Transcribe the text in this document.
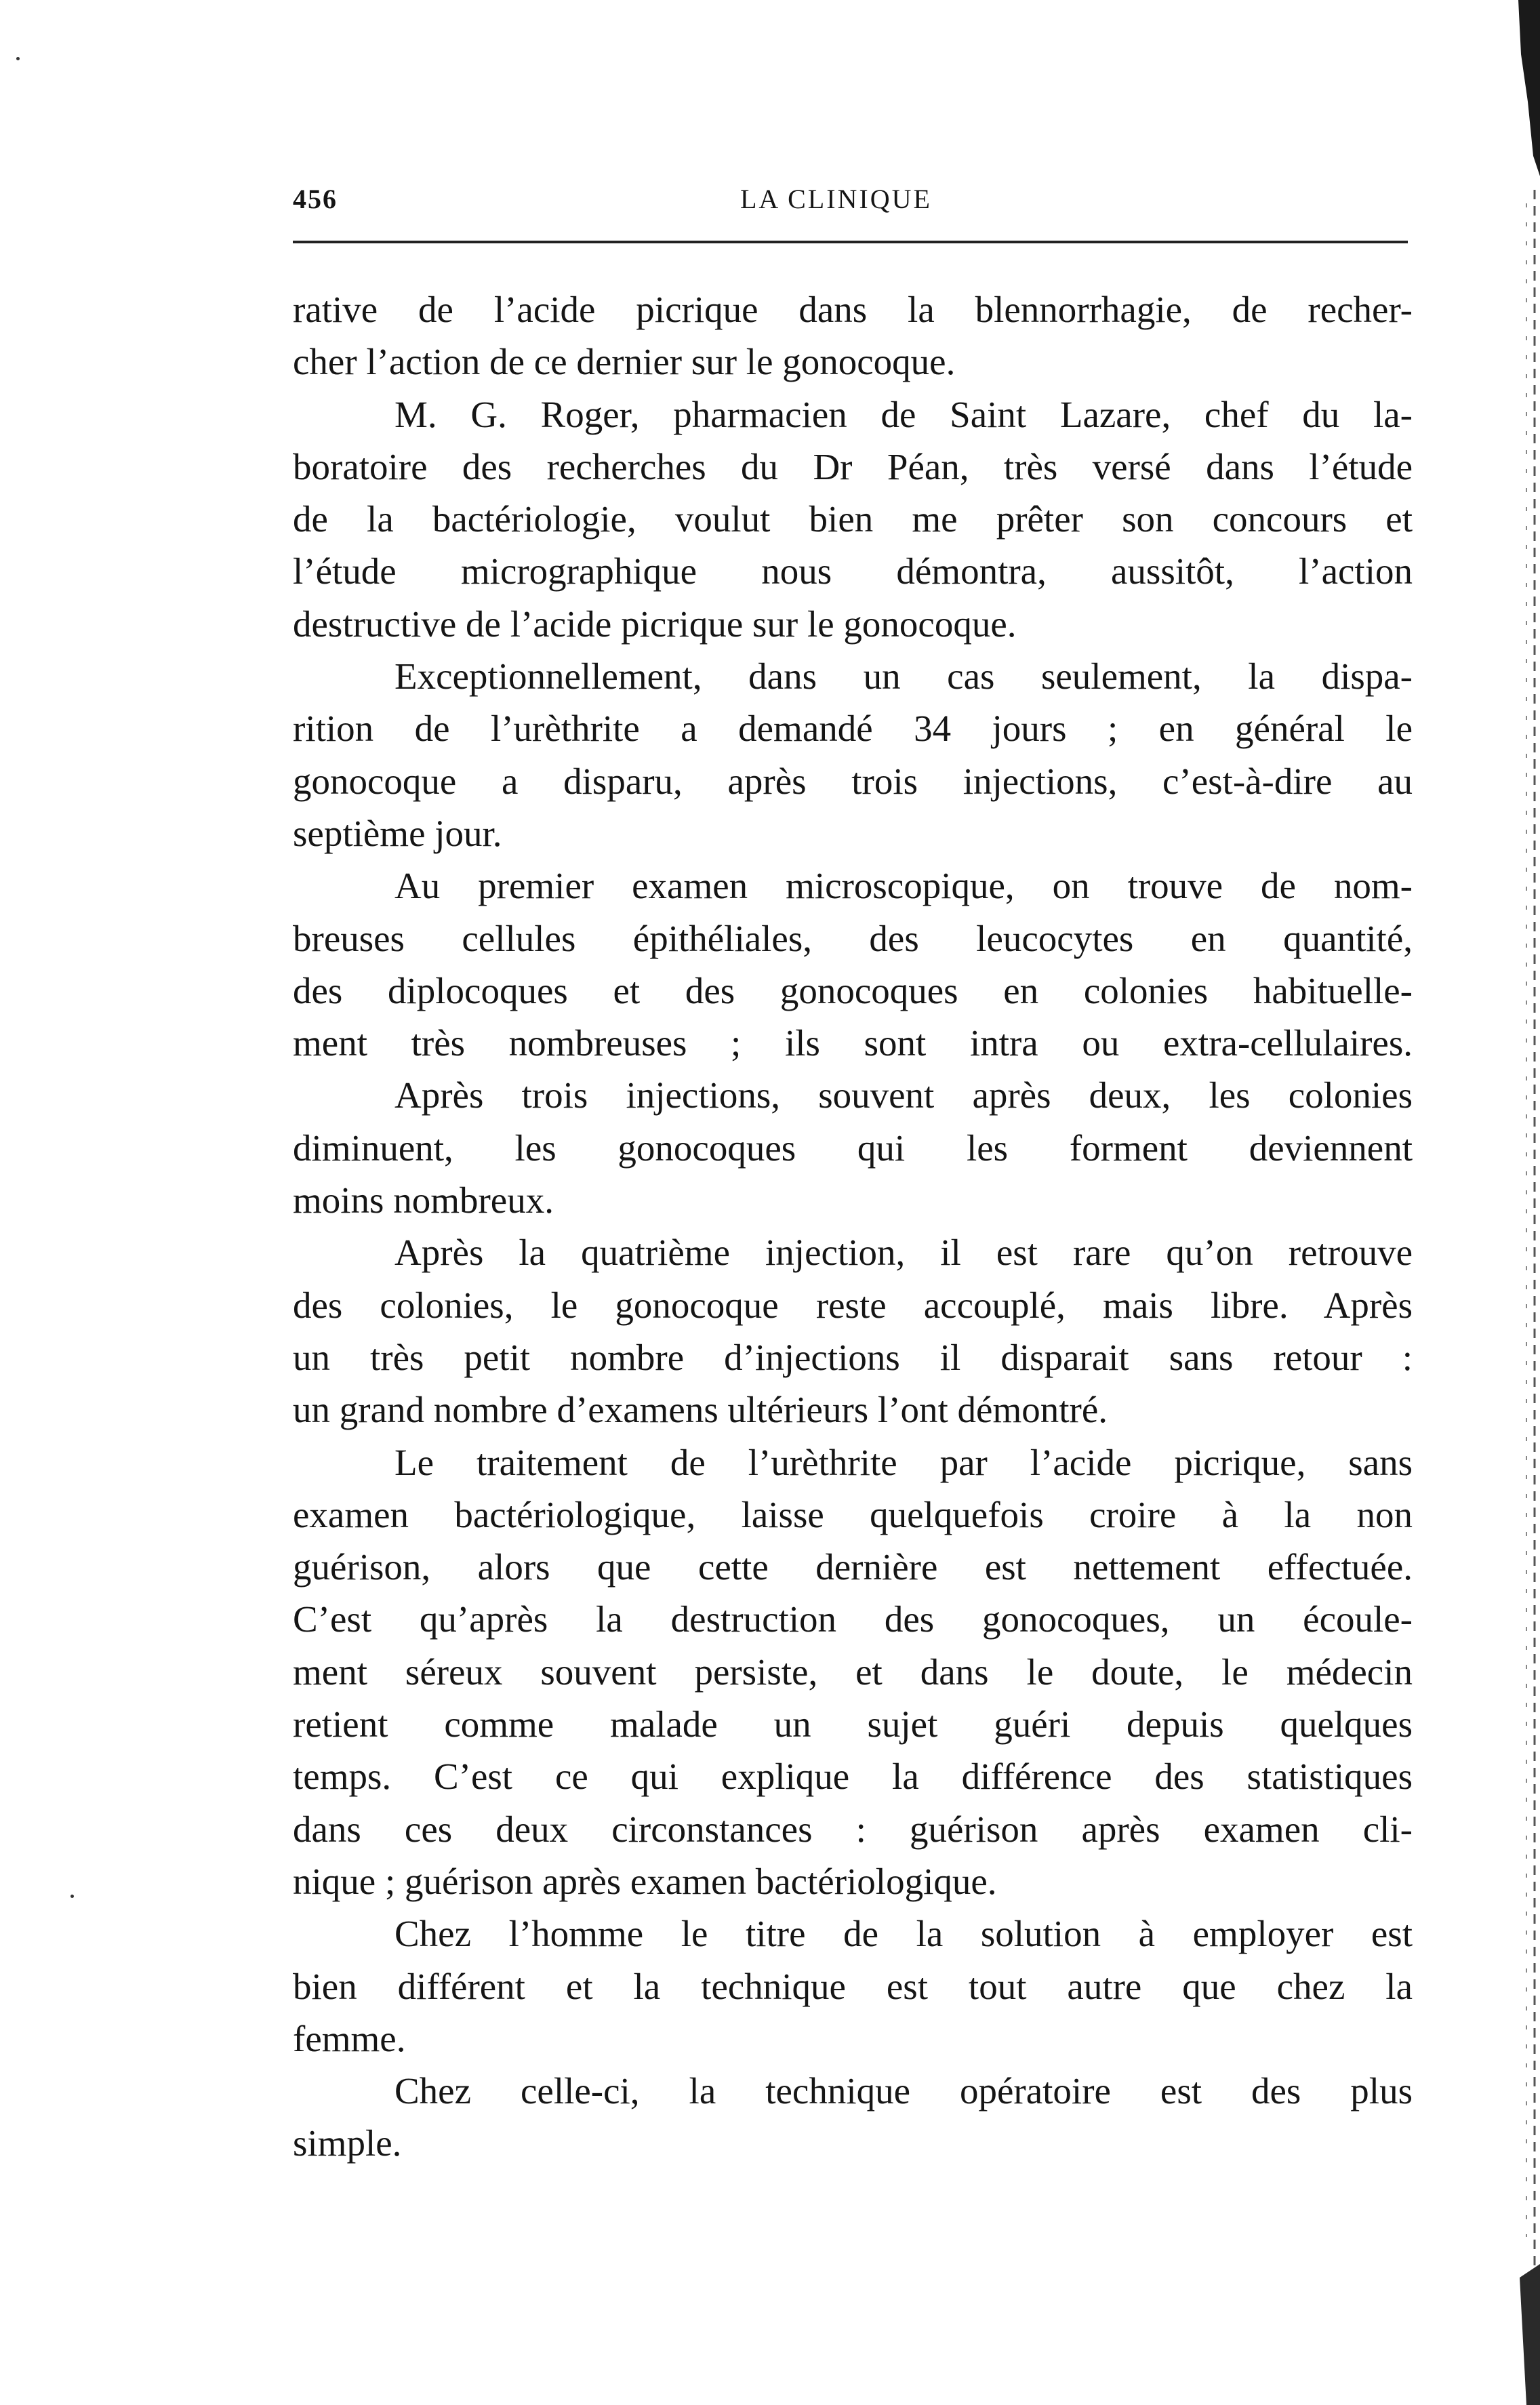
456	LA CLINIQUE
rative de l’acide picrique dans la blennorrhagie, de recher-
cher l’action de ce dernier sur le gonocoque.
M. G. Roger, pharmacien de Saint Lazare, chef du la-
boratoire des recherches du Dr Péan, très versé dans l’étude
de la bactériologie, voulut bien me prêter son concours et
l’étude micrographique nous démontra, aussitôt, l’action
destructive de l’acide picrique sur le gonocoque.
Exceptionnellement, dans un cas seulement, la dispa-
rition de l’urèthrite a demandé 34 jours ; en général le
gonocoque a disparu, après trois injections, c’est-à-dire au
septième jour.
Au premier examen microscopique, on trouve de nom-
breuses cellules épithéliales, des leucocytes en quantité,
des diplocoques et des gonocoques en colonies habituelle-
ment très nombreuses ; ils sont intra ou extra-cellulaires.
Après trois injections, souvent après deux, les colonies
diminuent, les gonocoques qui les forment deviennent
moins nombreux.
Après la quatrième injection, il est rare qu’on retrouve
des colonies, le gonocoque reste accouplé, mais libre. Après
un très petit nombre d’injections il disparait sans retour :
un grand nombre d’examens ultérieurs l’ont démontré.
Le traitement de l’urèthrite par l’acide picrique, sans
examen bactériologique, laisse quelquefois croire à la non
guérison, alors que cette dernière est nettement effectuée.
C’est qu’après la destruction des gonocoques, un écoule-
ment séreux souvent persiste, et dans le doute, le médecin
retient comme malade un sujet guéri depuis quelques
temps. C’est ce qui explique la différence des statistiques
dans ces deux circonstances : guérison après examen cli-
nique ; guérison après examen bactériologique.
Chez l’homme le titre de la solution à employer est
bien différent et la technique est tout autre que chez la
femme.
Chez celle-ci, la technique opératoire est des plus
simple.
